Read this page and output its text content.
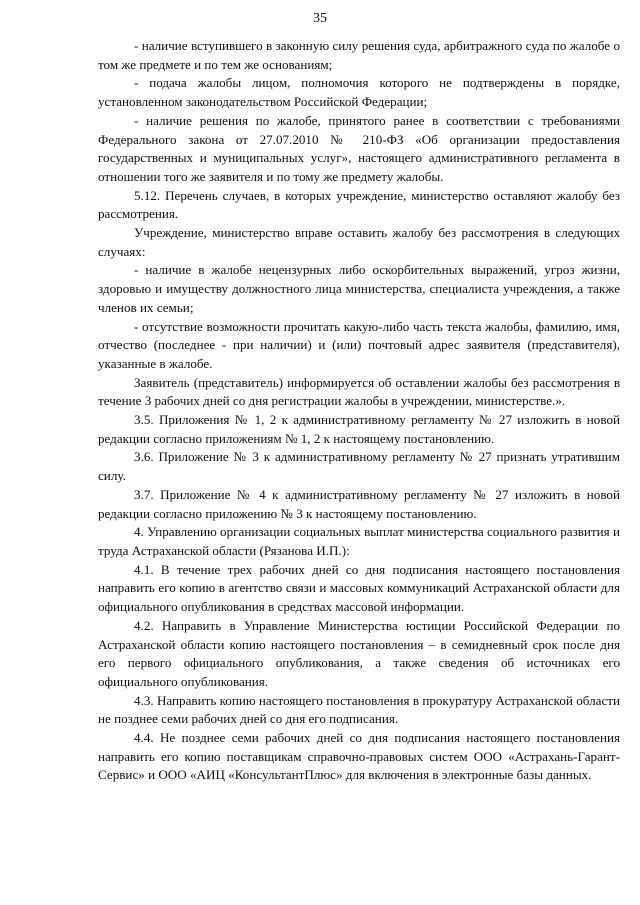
35

- наличие вступившего в законную силу решения суда, арбитражного суда по жалобе о том же предмете и по тем же основаниям;

- подача жалобы лицом, полномочия которого не подтверждены в порядке, установленном законодательством Российской Федерации;

- наличие решения по жалобе, принятого ранее в соответствии с требованиями Федерального закона от 27.07.2010 № 210-ФЗ «Об организации предоставления государственных и муниципальных услуг», настоящего административного регламента в отношении того же заявителя и по тому же предмету жалобы.

5.12. Перечень случаев, в которых учреждение, министерство оставляют жалобу без рассмотрения.

Учреждение, министерство вправе оставить жалобу без рассмотрения в следующих случаях:

- наличие в жалобе нецензурных либо оскорбительных выражений, угроз жизни, здоровью и имуществу должностного лица министерства, специалиста учреждения, а также членов их семьи;

- отсутствие возможности прочитать какую-либо часть текста жалобы, фамилию, имя, отчество (последнее - при наличии) и (или) почтовый адрес заявителя (представителя), указанные в жалобе.

Заявитель (представитель) информируется об оставлении жалобы без рассмотрения в течение 3 рабочих дней со дня регистрации жалобы в учреждении, министерстве.».

3.5. Приложения № 1, 2 к административному регламенту № 27 изложить в новой редакции согласно приложениям № 1, 2 к настоящему постановлению.

3.6. Приложение № 3 к административному регламенту № 27 признать утратившим силу.

3.7. Приложение № 4 к административному регламенту № 27 изложить в новой редакции согласно приложению № 3 к настоящему постановлению.

4. Управлению организации социальных выплат министерства социального развития и труда Астраханской области (Рязанова И.П.):

4.1. В течение трех рабочих дней со дня подписания настоящего постановления направить его копию в агентство связи и массовых коммуникаций Астраханской области для официального опубликования в средствах массовой информации.

4.2. Направить в Управление Министерства юстиции Российской Федерации по Астраханской области копию настоящего постановления – в семидневный срок после дня его первого официального опубликования, а также сведения об источниках его официального опубликования.

4.3. Направить копию настоящего постановления в прокуратуру Астраханской области не позднее семи рабочих дней со дня его подписания.

4.4. Не позднее семи рабочих дней со дня подписания настоящего постановления направить его копию поставщикам справочно-правовых систем ООО «Астрахань-Гарант-Сервис» и ООО «АИЦ «КонсультантПлюс» для включения в электронные базы данных.
